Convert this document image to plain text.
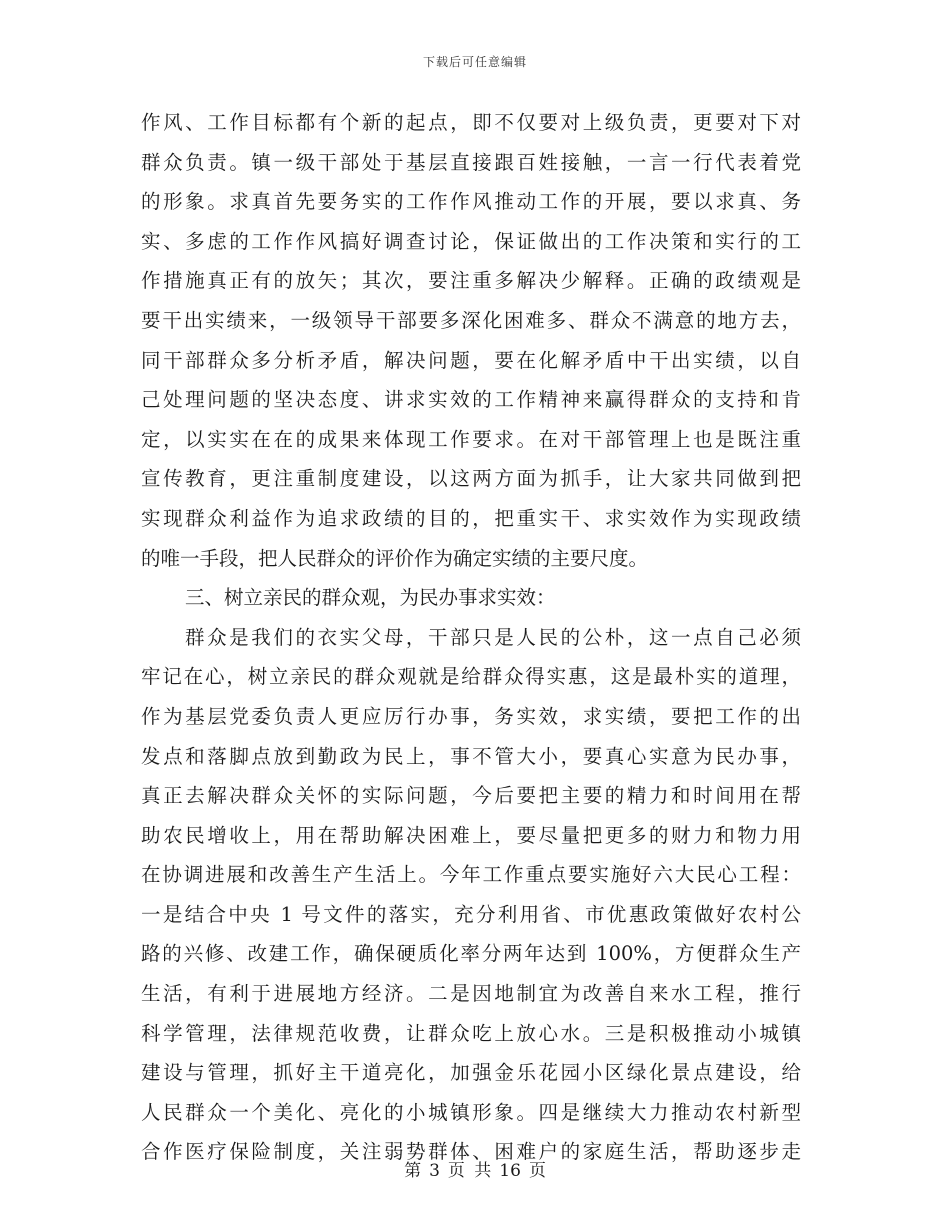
下载后可任意编辑
作风、工作目标都有个新的起点，即不仅要对上级负责，更要对下对
群众负责。镇一级干部处于基层直接跟百姓接触，一言一行代表着党
的形象。求真首先要务实的工作作风推动工作的开展，要以求真、务
实、多虑的工作作风搞好调查讨论，保证做出的工作决策和实行的工
作措施真正有的放矢；其次，要注重多解决少解释。正确的政绩观是
要干出实绩来，一级领导干部要多深化困难多、群众不满意的地方去，
同干部群众多分析矛盾，解决问题，要在化解矛盾中干出实绩，以自
己处理问题的坚决态度、讲求实效的工作精神来赢得群众的支持和肯
定，以实实在在的成果来体现工作要求。在对干部管理上也是既注重
宣传教育，更注重制度建设，以这两方面为抓手，让大家共同做到把
实现群众利益作为追求政绩的目的，把重实干、求实效作为实现政绩
的唯一手段，把人民群众的评价作为确定实绩的主要尺度。
三、树立亲民的群众观，为民办事求实效：
群众是我们的衣实父母，干部只是人民的公朴，这一点自己必须
牢记在心，树立亲民的群众观就是给群众得实惠，这是最朴实的道理，
作为基层党委负责人更应厉行办事，务实效，求实绩，要把工作的出
发点和落脚点放到勤政为民上，事不管大小，要真心实意为民办事，
真正去解决群众关怀的实际问题，今后要把主要的精力和时间用在帮
助农民增收上，用在帮助解决困难上，要尽量把更多的财力和物力用
在协调进展和改善生产生活上。今年工作重点要实施好六大民心工程：
一是结合中央 1 号文件的落实，充分利用省、市优惠政策做好农村公
路的兴修、改建工作，确保硬质化率分两年达到 100%，方便群众生产
生活，有利于进展地方经济。二是因地制宜为改善自来水工程，推行
科学管理，法律规范收费，让群众吃上放心水。三是积极推动小城镇
建设与管理，抓好主干道亮化，加强金乐花园小区绿化景点建设，给
人民群众一个美化、亮化的小城镇形象。四是继续大力推动农村新型
合作医疗保险制度，关注弱势群体、困难户的家庭生活，帮助逐步走
第 3 页 共 16 页
